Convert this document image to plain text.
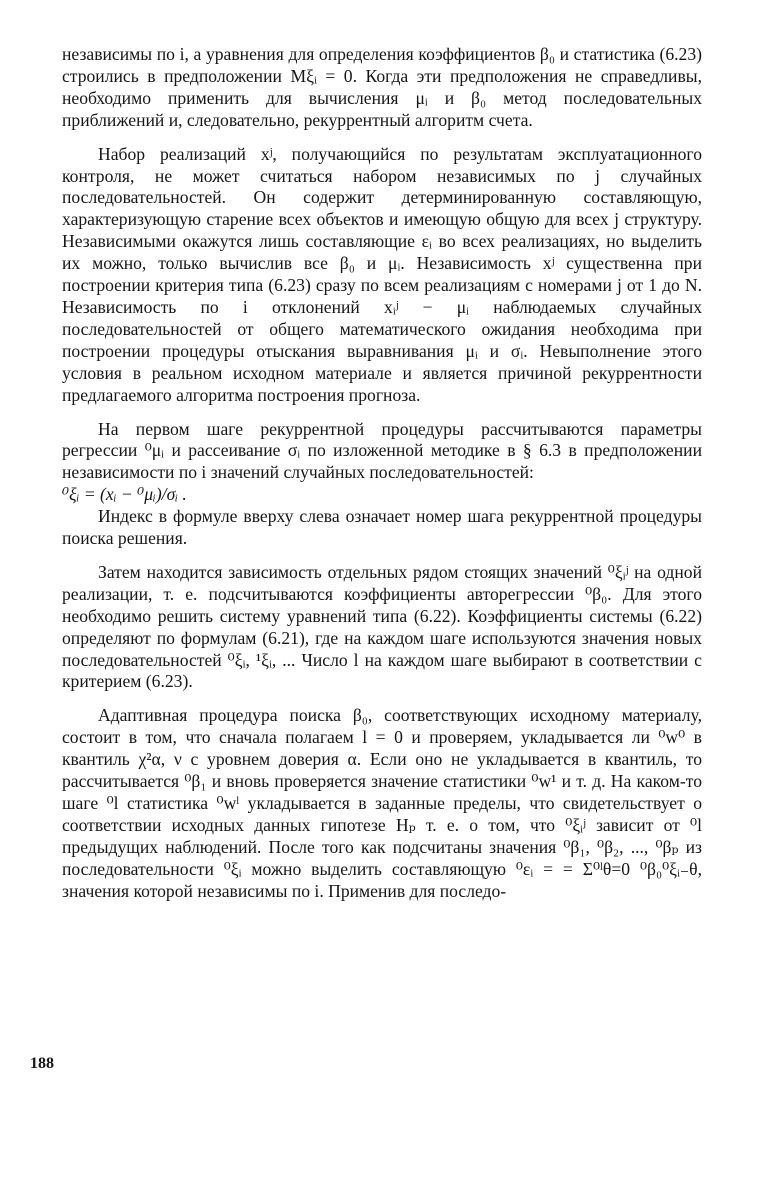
независимы по i, а уравнения для определения коэффициентов β₀ и статистика (6.23) строились в предположении Mξᵢ = 0. Когда эти предположения не справедливы, необходимо применить для вычисления μᵢ и β₀ метод последовательных приближений и, следовательно, рекуррентный алгоритм счета.

Набор реализаций xʲ, получающийся по результатам эксплуатационного контроля, не может считаться набором независимых по j случайных последовательностей. Он содержит детерминированную составляющую, характеризующую старение всех объектов и имеющую общую для всех j структуру. Независимыми окажутся лишь составляющие εᵢ во всех реализациях, но выделить их можно, только вычислив все β₀ и μᵢ. Независимость xʲ существенна при построении критерия типа (6.23) сразу по всем реализациям с номерами j от 1 до N. Независимость по i отклонений xᵢʲ − μᵢ наблюдаемых случайных последовательностей от общего математического ожидания необходима при построении процедуры отыскания выравнивания μᵢ и σᵢ. Невыполнение этого условия в реальном исходном материале и является причиной рекуррентности предлагаемого алгоритма построения прогноза.

На первом шаге рекуррентной процедуры рассчитываются параметры регрессии ⁰μᵢ и рассеивание σᵢ по изложенной методике в § 6.3 в предположении независимости по i значений случайных последовательностей:

⁰ξᵢ = (xᵢ − ⁰μᵢ)/σᵢ .

Индекс в формуле вверху слева означает номер шага рекуррентной процедуры поиска решения.

Затем находится зависимость отдельных рядом стоящих значений ⁰ξᵢʲ на одной реализации, т. е. подсчитываются коэффициенты авторегрессии ⁰β₀. Для этого необходимо решить систему уравнений типа (6.22). Коэффициенты системы (6.22) определяют по формулам (6.21), где на каждом шаге используются значения новых последовательностей ⁰ξᵢ, ¹ξᵢ, ... Число l на каждом шаге выбирают в соответствии с критерием (6.23).

Адаптивная процедура поиска β₀, соответствующих исходному материалу, состоит в том, что сначала полагаем l = 0 и проверяем, укладывается ли ⁰w⁰ в квантиль χ²α, ν с уровнем доверия α. Если оно не укладывается в квантиль, то рассчитывается ⁰β₁ и вновь проверяется значение статистики ⁰w¹ и т. д. На каком-то шаге ⁰l статистика ⁰wˡ укладывается в заданные пределы, что свидетельствует о соответствии исходных данных гипотезе Hₚ т. е. о том, что ⁰ξᵢʲ зависит от ⁰l предыдущих наблюдений. После того как подсчитаны значения ⁰β₁, ⁰β₂, ..., ⁰βₚ из последовательности ⁰ξᵢ можно выделить составляющую ⁰εᵢ = = Σ⁰ˡθ=0 ⁰β₀⁰ξᵢ₋θ, значения которой независимы по i. Применив для последо-

188
